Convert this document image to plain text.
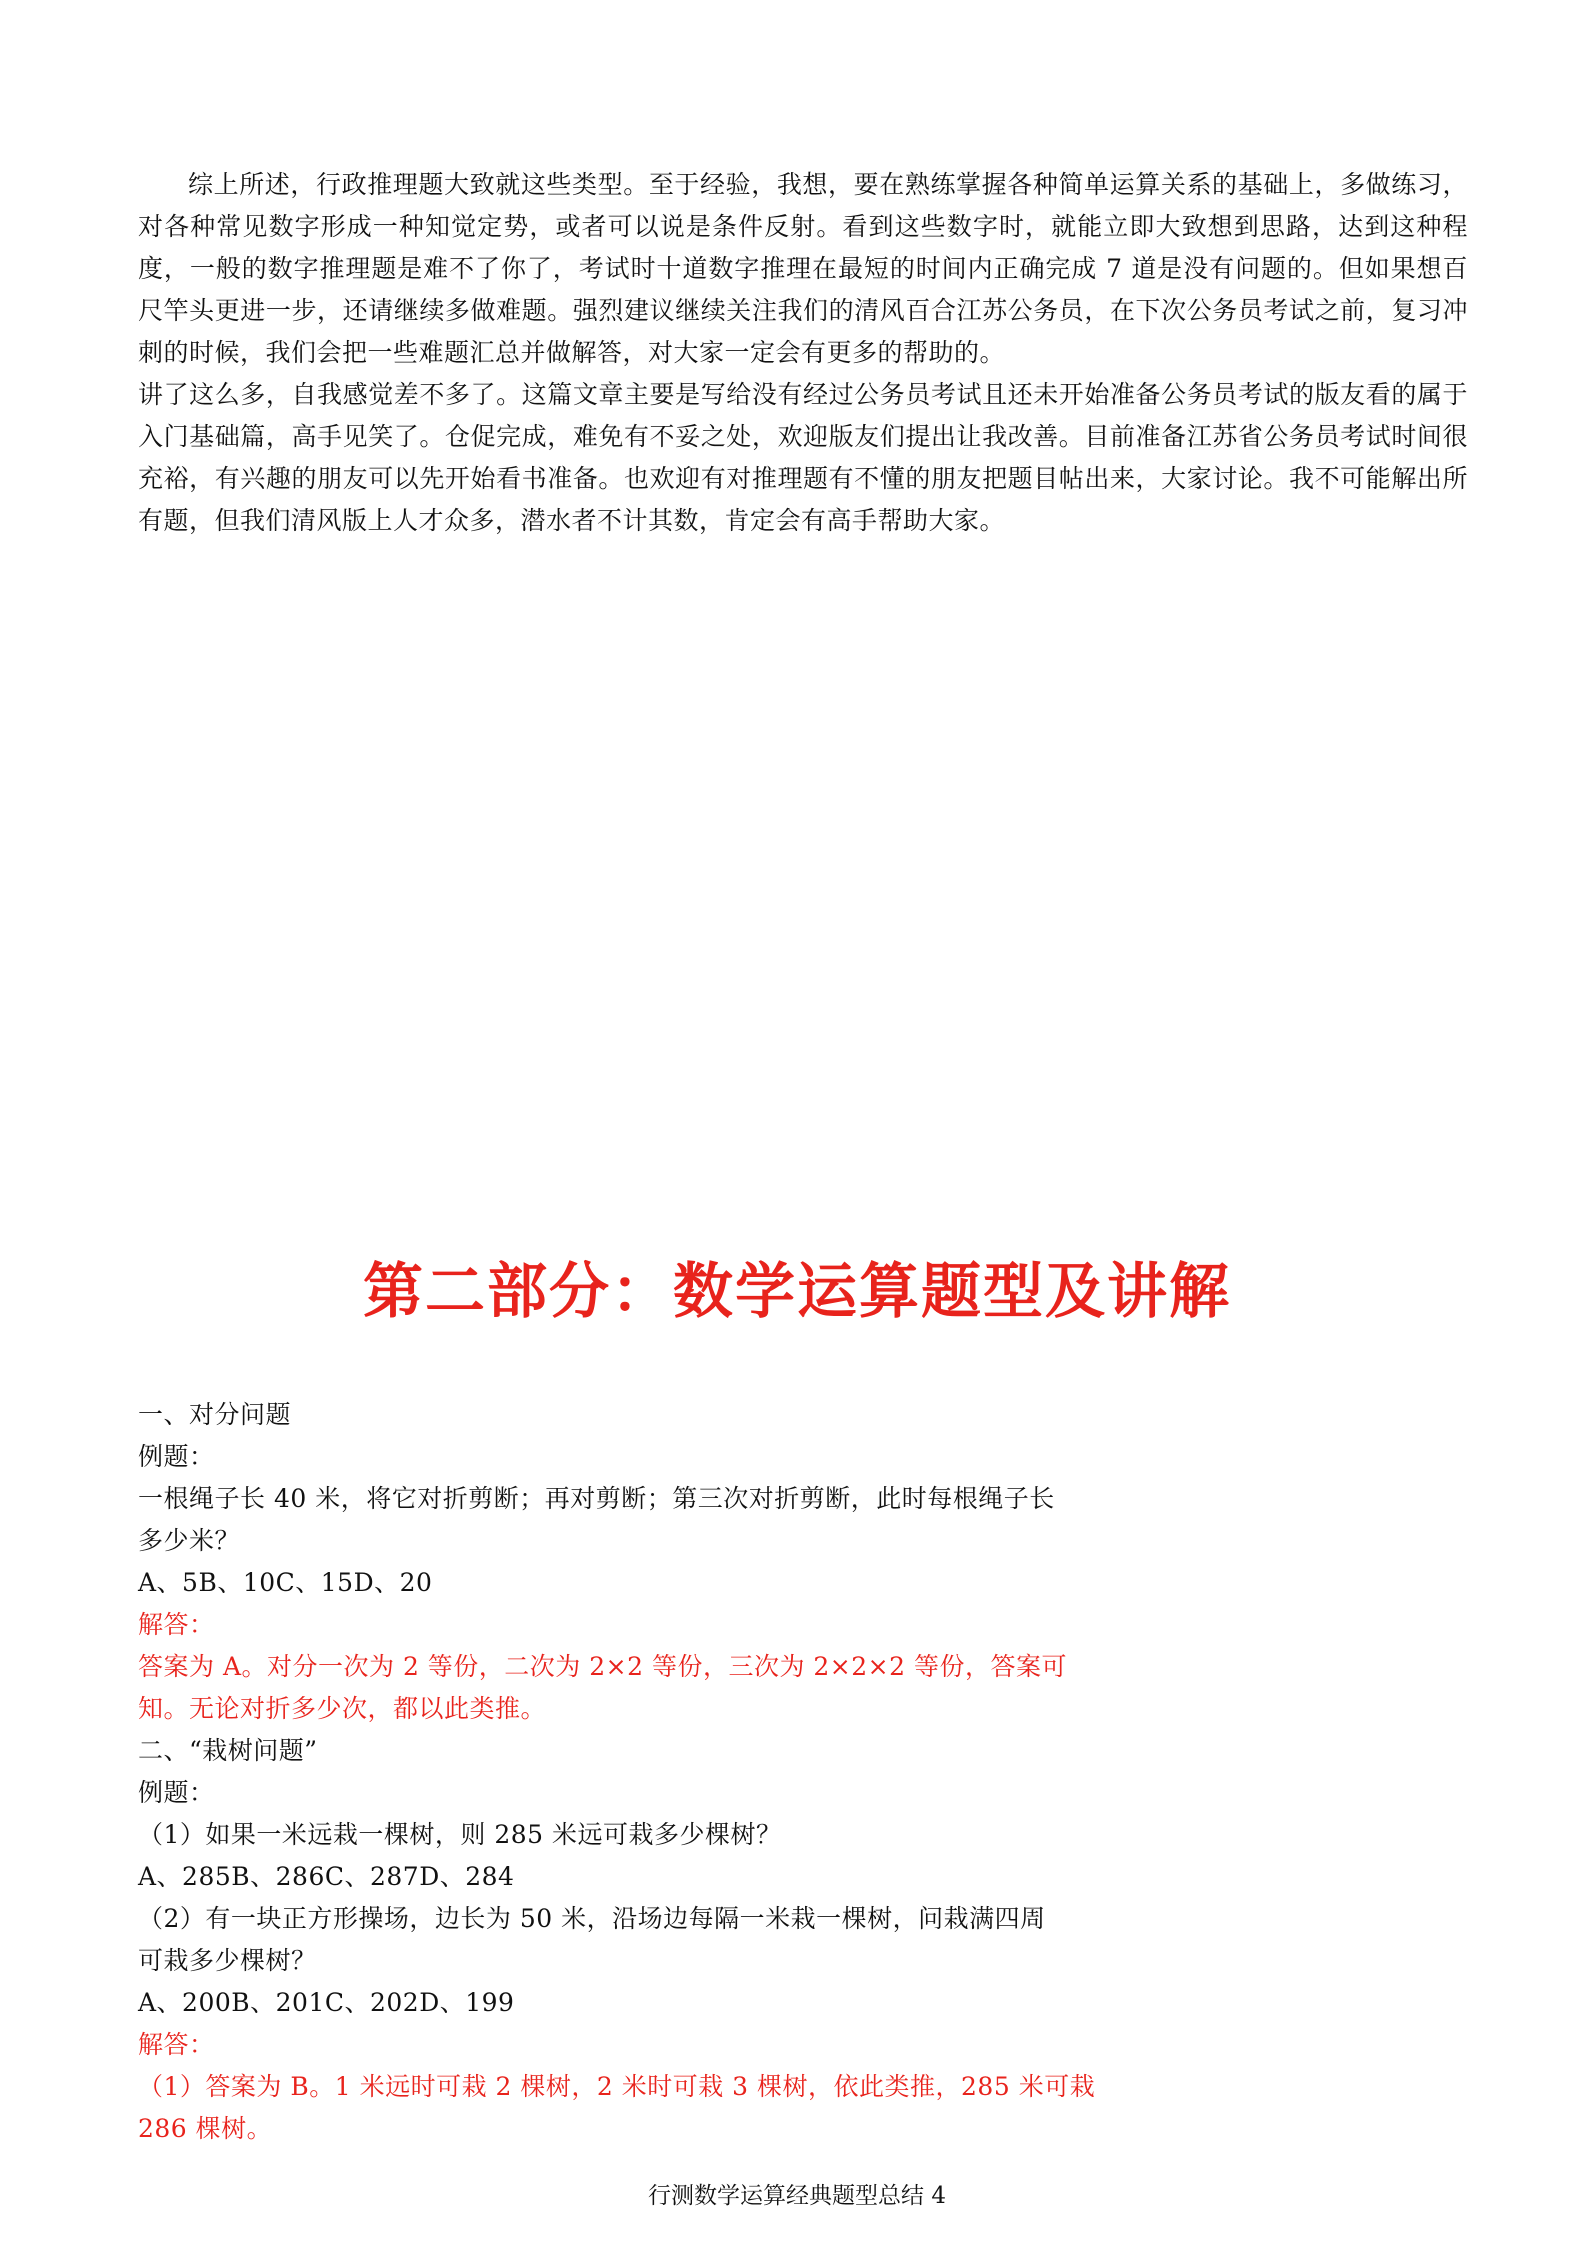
综上所述，行政推理题大致就这些类型。至于经验，我想，要在熟练掌握各种简单运算关系的基础上，多做练习，对各种常见数字形成一种知觉定势，或者可以说是条件反射。看到这些数字时，就能立即大致想到思路，达到这种程度，一般的数字推理题是难不了你了，考试时十道数字推理在最短的时间内正确完成 7 道是没有问题的。但如果想百尺竿头更进一步，还请继续多做难题。强烈建议继续关注我们的清风百合江苏公务员，在下次公务员考试之前，复习冲刺的时候，我们会把一些难题汇总并做解答，对大家一定会有更多的帮助的。

讲了这么多，自我感觉差不多了。这篇文章主要是写给没有经过公务员考试且还未开始准备公务员考试的版友看的属于入门基础篇，高手见笑了。仓促完成，难免有不妥之处，欢迎版友们提出让我改善。目前准备江苏省公务员考试时间很充裕，有兴趣的朋友可以先开始看书准备。也欢迎有对推理题有不懂的朋友把题目帖出来，大家讨论。我不可能解出所有题，但我们清风版上人才众多，潜水者不计其数，肯定会有高手帮助大家。

第二部分：数学运算题型及讲解

一、对分问题

例题：

一根绳子长 40 米，将它对折剪断；再对剪断；第三次对折剪断，此时每根绳子长

多少米？

A、5B、10C、15D、20

解答：

答案为 A。对分一次为 2 等份，二次为 2×2 等份，三次为 2×2×2 等份，答案可

知。无论对折多少次，都以此类推。

二、“栽树问题”

例题：

（1）如果一米远栽一棵树，则 285 米远可栽多少棵树？

A、285B、286C、287D、284

（2）有一块正方形操场，边长为 50 米，沿场边每隔一米栽一棵树，问栽满四周

可栽多少棵树？

A、200B、201C、202D、199

解答：

（1）答案为 B。1 米远时可栽 2 棵树，2 米时可栽 3 棵树，依此类推，285 米可栽

286 棵树。

行测数学运算经典题型总结 4
